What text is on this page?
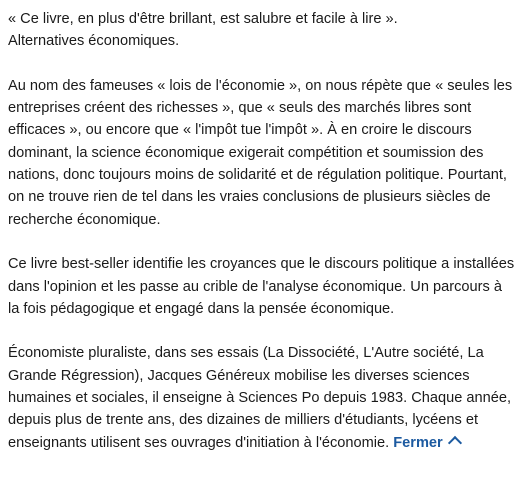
« Ce livre, en plus d'être brillant, est salubre et facile à lire ».
Alternatives économiques.

Au nom des fameuses « lois de l'économie », on nous répète que « seules les
entreprises créent des richesses », que « seuls des marchés libres sont
efficaces », ou encore que « l'impôt tue l'impôt ». À en croire le discours
dominant, la science économique exigerait compétition et soumission des
nations, donc toujours moins de solidarité et de régulation politique. Pourtant,
on ne trouve rien de tel dans les vraies conclusions de plusieurs siècles de
recherche économique.

Ce livre best-seller identifie les croyances que le discours politique a installées
dans l'opinion et les passe au crible de l'analyse économique. Un parcours à
la fois pédagogique et engagé dans la pensée économique.

Économiste pluraliste, dans ses essais (La Dissociété, L'Autre société, La
Grande Régression), Jacques Généreux mobilise les diverses sciences
humaines et sociales, il enseigne à Sciences Po depuis 1983. Chaque année,
depuis plus de trente ans, des dizaines de milliers d'étudiants, lycéens et
enseignants utilisent ses ouvrages d'initiation à l'économie. Fermer
